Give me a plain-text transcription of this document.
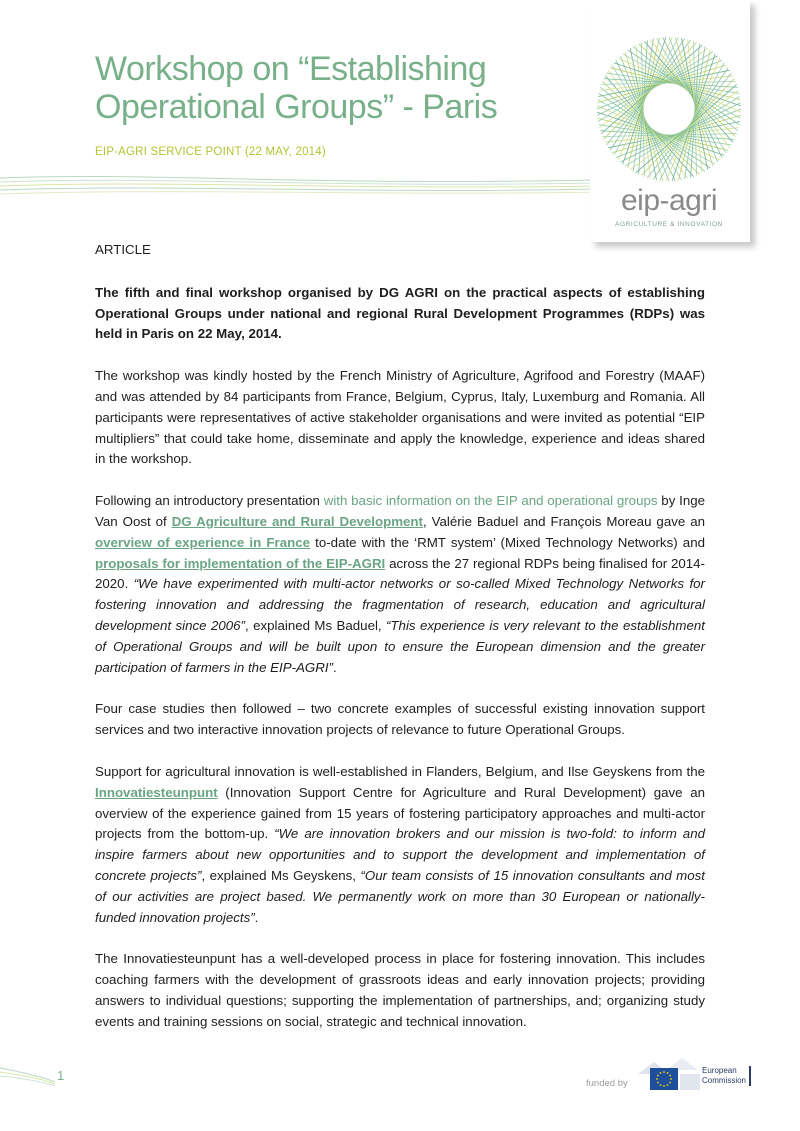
Workshop on “Establishing Operational Groups” - Paris
EIP-AGRI SERVICE POINT (22 MAY, 2014)
eip-agri
AGRICULTURE & INNOVATION

ARTICLE

The fifth and final workshop organised by DG AGRI on the practical aspects of establishing Operational Groups under national and regional Rural Development Programmes (RDPs) was held in Paris on 22 May, 2014.

The workshop was kindly hosted by the French Ministry of Agriculture, Agrifood and Forestry (MAAF) and was attended by 84 participants from France, Belgium, Cyprus, Italy, Luxemburg and Romania. All participants were representatives of active stakeholder organisations and were invited as potential “EIP multipliers” that could take home, disseminate and apply the knowledge, experience and ideas shared in the workshop.

Following an introductory presentation with basic information on the EIP and operational groups by Inge Van Oost of DG Agriculture and Rural Development, Valérie Baduel and François Moreau gave an overview of experience in France to-date with the ‘RMT system’ (Mixed Technology Networks) and proposals for implementation of the EIP-AGRI across the 27 regional RDPs being finalised for 2014-2020. “We have experimented with multi-actor networks or so-called Mixed Technology Networks for fostering innovation and addressing the fragmentation of research, education and agricultural development since 2006”, explained Ms Baduel, “This experience is very relevant to the establishment of Operational Groups and will be built upon to ensure the European dimension and the greater participation of farmers in the EIP-AGRI”.

Four case studies then followed – two concrete examples of successful existing innovation support services and two interactive innovation projects of relevance to future Operational Groups.

Support for agricultural innovation is well-established in Flanders, Belgium, and Ilse Geyskens from the Innovatiesteunpunt (Innovation Support Centre for Agriculture and Rural Development) gave an overview of the experience gained from 15 years of fostering participatory approaches and multi-actor projects from the bottom-up. “We are innovation brokers and our mission is two-fold: to inform and inspire farmers about new opportunities and to support the development and implementation of concrete projects”, explained Ms Geyskens, “Our team consists of 15 innovation consultants and most of our activities are project based. We permanently work on more than 30 European or nationally-funded innovation projects”.

The Innovatiesteunpunt has a well-developed process in place for fostering innovation. This includes coaching farmers with the development of grassroots ideas and early innovation projects; providing answers to individual questions; supporting the implementation of partnerships, and; organizing study events and training sessions on social, strategic and technical innovation.

1
funded by
European
Commission
